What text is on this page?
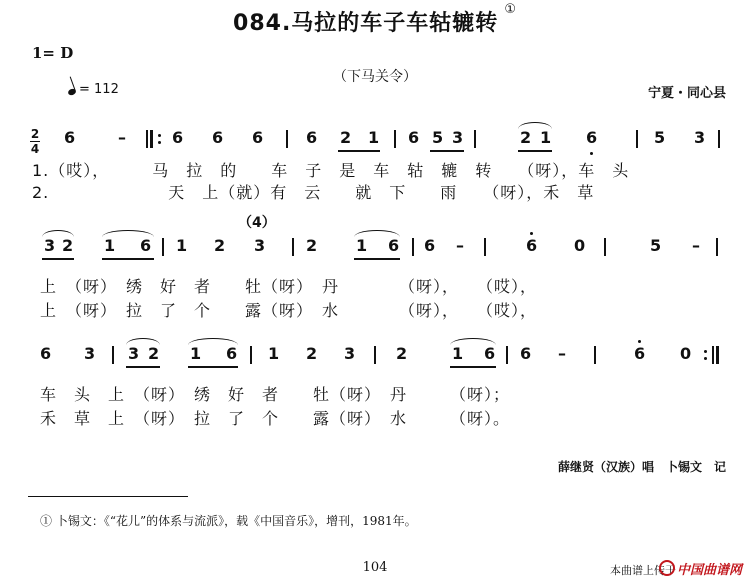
084.马拉的车子车轱辘转①
1= D
（下马关令）
= 112	宁夏・同心县
2
4
6	–	6 6 6	6 2 1 6 5 3	2 1 6	5 3
1.（哎），　　　马　拉　的　　车　子　是　车　轱　辘　转　　（呀），车　头
2.　　　　　　　天　上（就）有　云　　就　下　　雨　　（呀），禾　草
（4）
3 2 1 6 1 2 3	2 1 6 6 –	6 0	5 –
上　（呀）　绣　好　者　　牡（呀）　丹　　　　（呀），　　（哎），
上　（呀）　拉　了　个　　露（呀）　水　　　　（呀），　　（哎），
6 3 3 2 1 6 1 2 3	2	1 6 6 –	6 0
车　头　上　（呀）　绣　好　者　　牡（呀）　丹　　　（呀）；
禾　草　上　（呀）　拉　了　个　　露（呀）　水　　　（呀）。
薛继贤（汉族）唱　卜锡文　记
① 卜锡文：《“花儿”的体系与流派》，载《中国音乐》，增刊，1981年。
104	本曲谱上传于 中国曲谱网
